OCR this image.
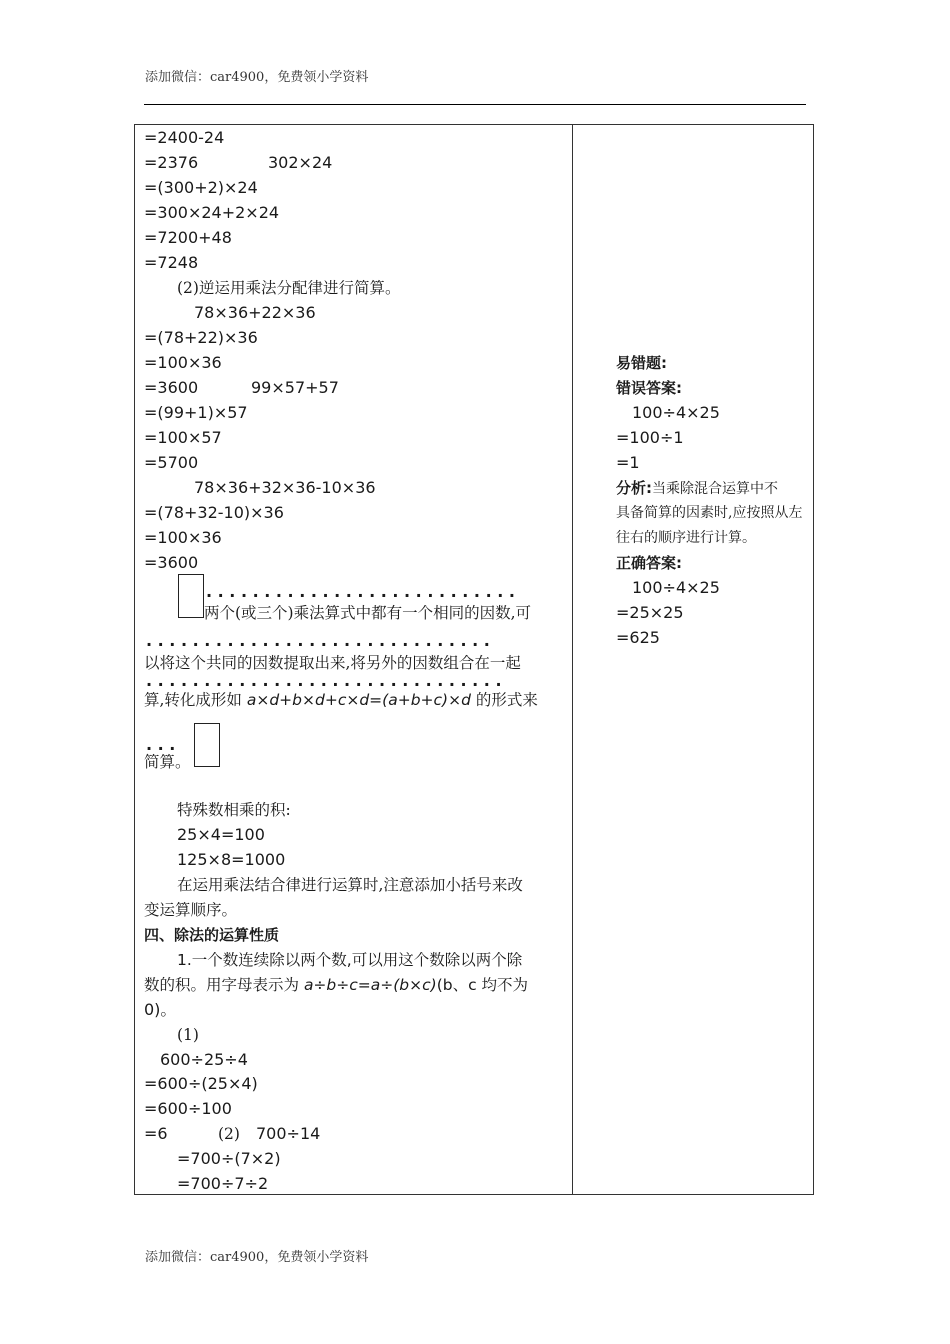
添加微信：car4900，免费领小学资料
=2400-24
=2376	302×24
=(300+2)×24
=300×24+2×24
=7200+48
=7248
(2)逆运用乘法分配律进行简算。
78×36+22×36
=(78+22)×36
=100×36
=3600	99×57+57
=(99+1)×57
=100×57
=5700
78×36+32×36-10×36
=(78+32-10)×36
=100×36
=3600
. . . . . . . . . . . . . . . . . . . . . . . . . . .
两个(或三个)乘法算式中都有一个相同的因数,可
. . . . . . . . . . . . . . . . . . . . . . . . . . . . . .
以将这个共同的因数提取出来,将另外的因数组合在一起
. . . . . . . . . . . . . . . . . . . . . . . . . . . . . . .
算,转化成形如 a×d+b×d+c×d=(a+b+c)×d 的形式来
. . .
简算。
特殊数相乘的积:
25×4=100
125×8=1000
在运用乘法结合律进行运算时,注意添加小括号来改
变运算顺序。
四、除法的运算性质
1.一个数连续除以两个数,可以用这个数除以两个除
数的积。用字母表示为 a÷b÷c=a÷(b×c)(b、c 均不为
0)。
(1)
600÷25÷4
=600÷(25×4)
=600÷100
=6	(2) 700÷14
=700÷(7×2)
=700÷7÷2
易错题:
错误答案:
100÷4×25
=100÷1
=1
分析:当乘除混合运算中不
具备简算的因素时,应按照从左
往右的顺序进行计算。
正确答案:
100÷4×25
=25×25
=625
添加微信：car4900，免费领小学资料
